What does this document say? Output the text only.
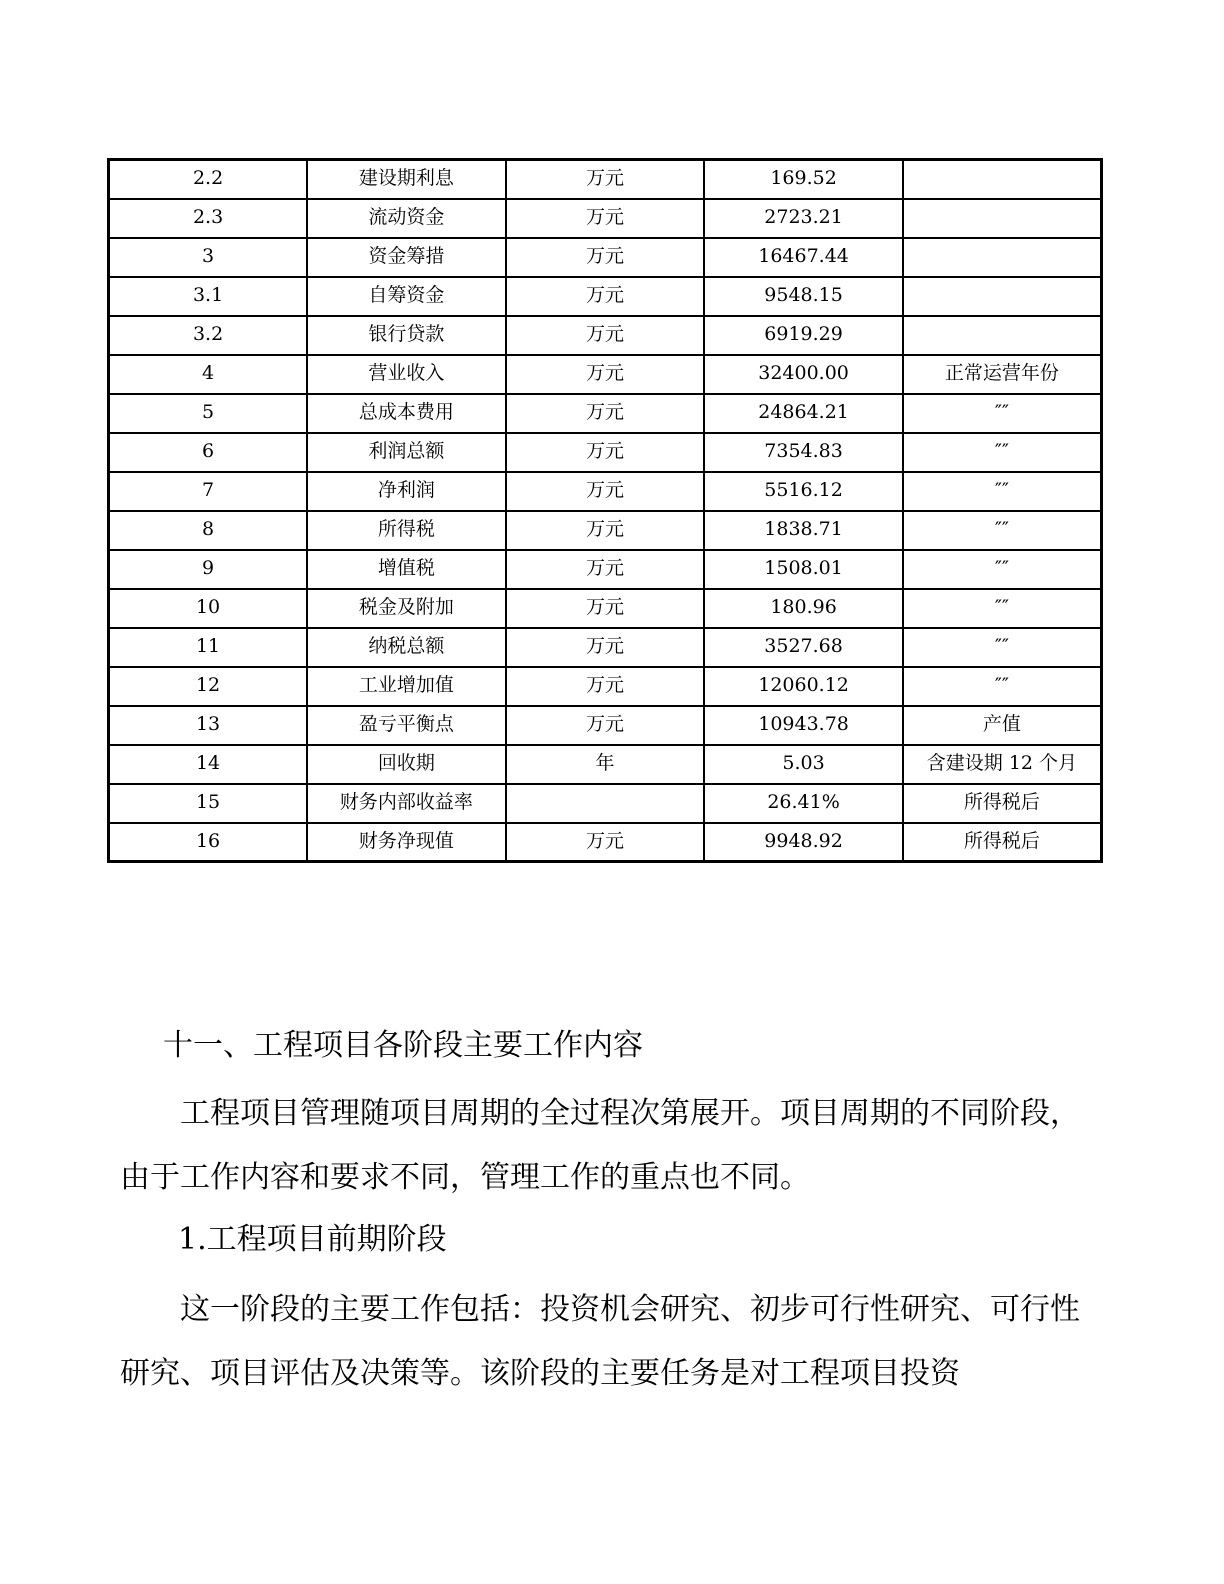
2.2	建设期利息	万元	169.52	
2.3	流动资金	万元	2723.21	
3	资金筹措	万元	16467.44	
3.1	自筹资金	万元	9548.15	
3.2	银行贷款	万元	6919.29	
4	营业收入	万元	32400.00	正常运营年份
5	总成本费用	万元	24864.21	″″
6	利润总额	万元	7354.83	″″
7	净利润	万元	5516.12	″″
8	所得税	万元	1838.71	″″
9	增值税	万元	1508.01	″″
10	税金及附加	万元	180.96	″″
11	纳税总额	万元	3527.68	″″
12	工业增加值	万元	12060.12	″″
13	盈亏平衡点	万元	10943.78	产值
14	回收期	年	5.03	含建设期 12 个月
15	财务内部收益率		26.41%	所得税后
16	财务净现值	万元	9948.92	所得税后
十一、工程项目各阶段主要工作内容
工程项目管理随项目周期的全过程次第展开。项目周期的不同阶段，由于工作内容和要求不同，管理工作的重点也不同。
1.工程项目前期阶段
这一阶段的主要工作包括：投资机会研究、初步可行性研究、可行性研究、项目评估及决策等。该阶段的主要任务是对工程项目投资
